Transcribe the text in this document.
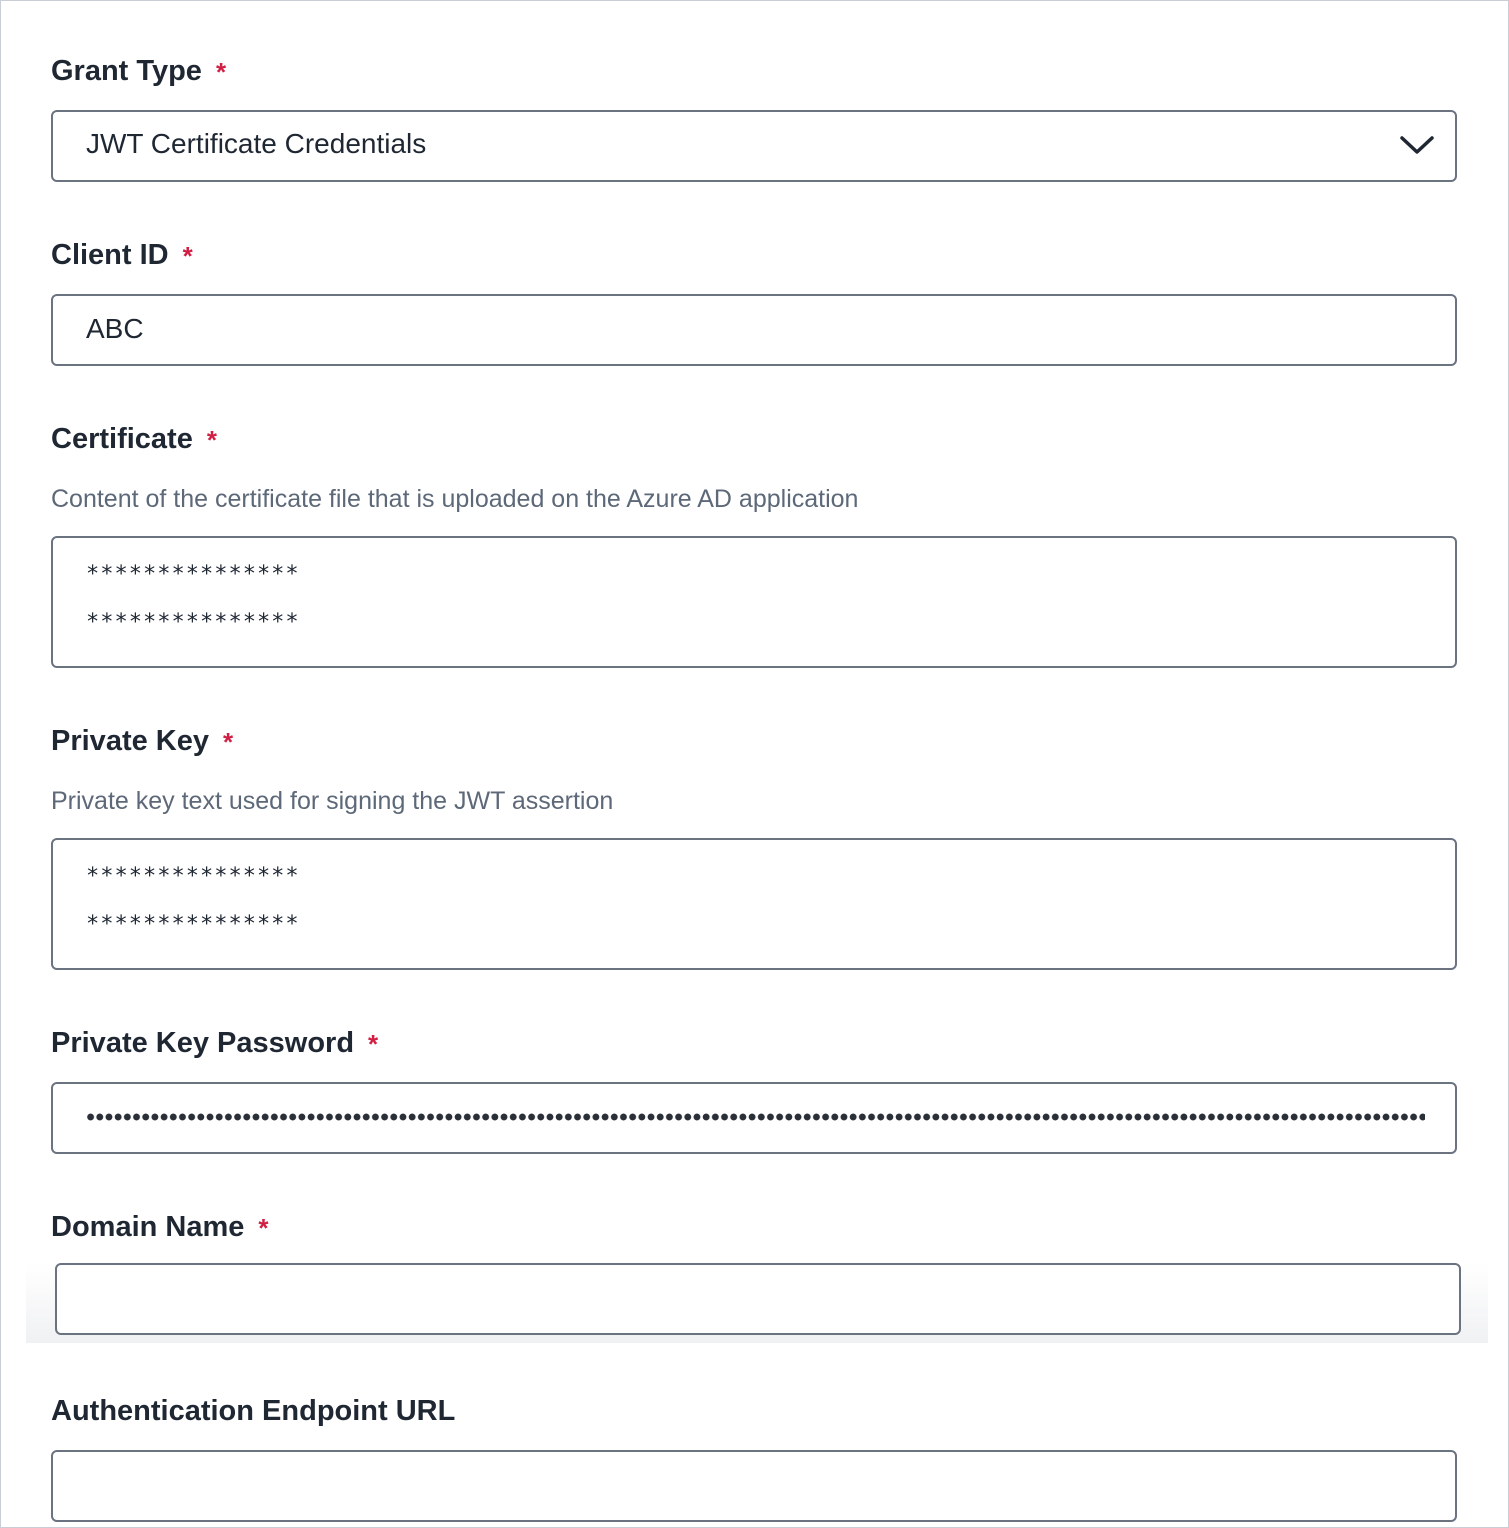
Grant Type *
JWT Certificate Credentials
Client ID *
ABC
Certificate *
Content of the certificate file that is uploaded on the Azure AD application
***************
***************
Private Key *
Private key text used for signing the JWT assertion
***************
***************
Private Key Password *
Domain Name *
Authentication Endpoint URL
